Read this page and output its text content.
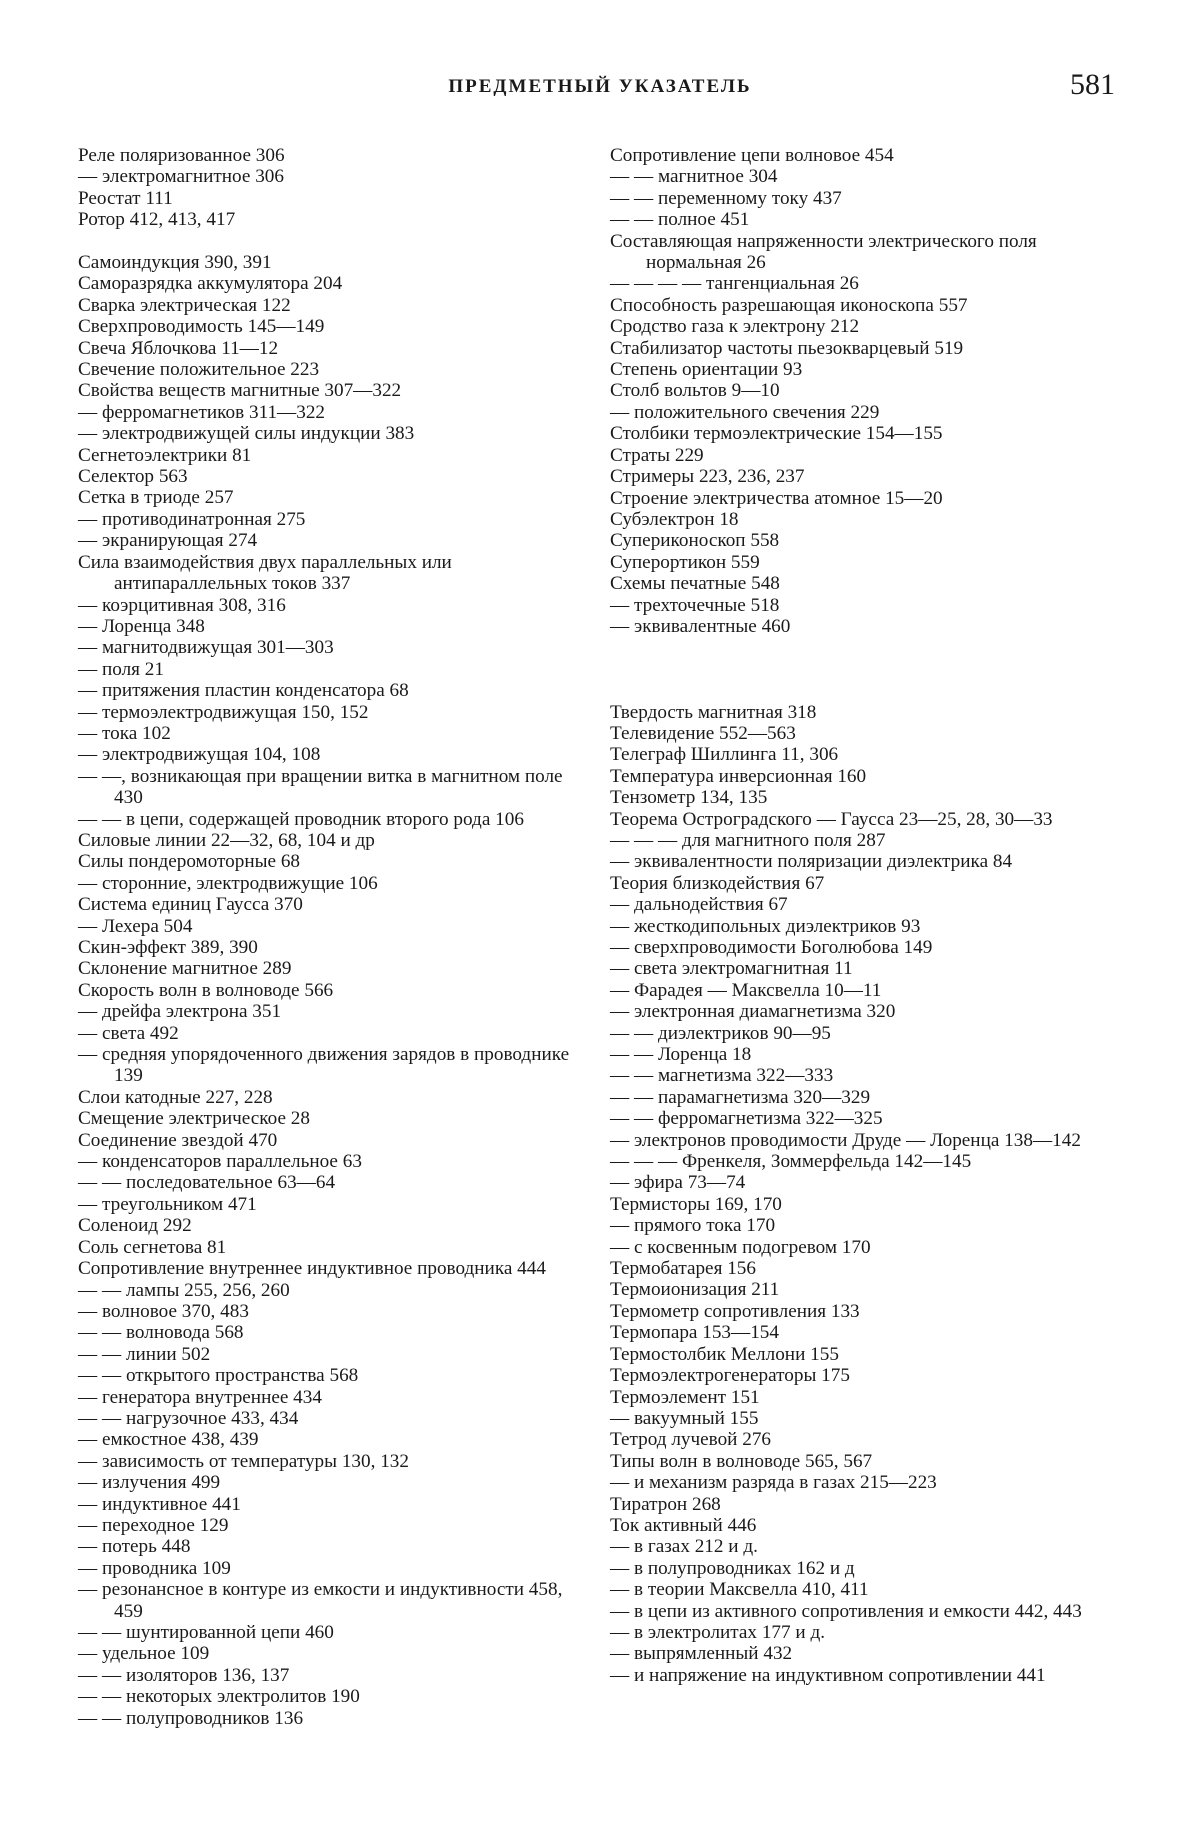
ПРЕДМЕТНЫЙ УКАЗАТЕЛЬ	581
Реле поляризованное 306
— электромагнитное 306
Реостат 111
Ротор 412, 413, 417
Самоиндукция 390, 391
Саморазрядка аккумулятора 204
Сварка электрическая 122
Сверхпроводимость 145—149
Свеча Яблочкова 11—12
Свечение положительное 223
Свойства веществ магнитные 307—322
— ферромагнетиков 311—322
— электродвижущей силы индукции 383
Сегнетоэлектрики 81
Селектор 563
Сетка в триоде 257
— противодинатронная 275
— экранирующая 274
Сила взаимодействия двух параллельных или антипараллельных токов 337
— коэрцитивная 308, 316
— Лоренца 348
— магнитодвижущая 301—303
— поля 21
— притяжения пластин конденсатора 68
— термоэлектродвижущая 150, 152
— тока 102
— электродвижущая 104, 108
— —, возникающая при вращении витка в магнитном поле 430
— — в цепи, содержащей проводник второго рода 106
Силовые линии 22—32, 68, 104 и др
Силы пондеромоторные 68
— сторонние, электродвижущие 106
Система единиц Гаусса 370
— Лехера 504
Скин-эффект 389, 390
Склонение магнитное 289
Скорость волн в волноводе 566
— дрейфа электрона 351
— света 492
— средняя упорядоченного движения зарядов в проводнике 139
Слои катодные 227, 228
Смещение электрическое 28
Соединение звездой 470
— конденсаторов параллельное 63
— — последовательное 63—64
— треугольником 471
Соленоид 292
Соль сегнетова 81
Сопротивление внутреннее индуктивное проводника 444
— — лампы 255, 256, 260
— волновое 370, 483
— — волновода 568
— — линии 502
— — открытого пространства 568
— генератора внутреннее 434
— — нагрузочное 433, 434
— емкостное 438, 439
— зависимость от температуры 130, 132
— излучения 499
— индуктивное 441
— переходное 129
— потерь 448
— проводника 109
— резонансное в контуре из емкости и индуктивности 458, 459
— — шунтированной цепи 460
— удельное 109
— — изоляторов 136, 137
— — некоторых электролитов 190
— — полупроводников 136
Сопротивление цепи волновое 454
— — магнитное 304
— — переменному току 437
— — полное 451
Составляющая напряженности электрического поля нормальная 26
— — — — тангенциальная 26
Способность разрешающая иконоскопа 557
Сродство газа к электрону 212
Стабилизатор частоты пьезокварцевый 519
Степень ориентации 93
Столб вольтов 9—10
— положительного свечения 229
Столбики термоэлектрические 154—155
Страты 229
Стримеры 223, 236, 237
Строение электричества атомное 15—20
Субэлектрон 18
Супериконоскоп 558
Суперортикон 559
Схемы печатные 548
— трехточечные 518
— эквивалентные 460
Твердость магнитная 318
Телевидение 552—563
Телеграф Шиллинга 11, 306
Температура инверсионная 160
Тензометр 134, 135
Теорема Остроградского — Гаусса 23—25, 28, 30—33
— — — для магнитного поля 287
— эквивалентности поляризации диэлектрика 84
Теория близкодействия 67
— дальнодействия 67
— жесткодипольных диэлектриков 93
— сверхпроводимости Боголюбова 149
— света электромагнитная 11
— Фарадея — Максвелла 10—11
— электронная диамагнетизма 320
— — диэлектриков 90—95
— — Лоренца 18
— — магнетизма 322—333
— — парамагнетизма 320—329
— — ферромагнетизма 322—325
— электронов проводимости Друде — Лоренца 138—142
— — — Френкеля, Зоммерфельда 142—145
— эфира 73—74
Термисторы 169, 170
— прямого тока 170
— с косвенным подогревом 170
Термобатарея 156
Термоионизация 211
Термометр сопротивления 133
Термопара 153—154
Термостолбик Меллони 155
Термоэлектрогенераторы 175
Термоэлемент 151
— вакуумный 155
Тетрод лучевой 276
Типы волн в волноводе 565, 567
— и механизм разряда в газах 215—223
Тиратрон 268
Ток активный 446
— в газах 212 и д.
— в полупроводниках 162 и д
— в теории Максвелла 410, 411
— в цепи из активного сопротивления и емкости 442, 443
— в электролитах 177 и д.
— выпрямленный 432
— и напряжение на индуктивном сопротивлении 441
